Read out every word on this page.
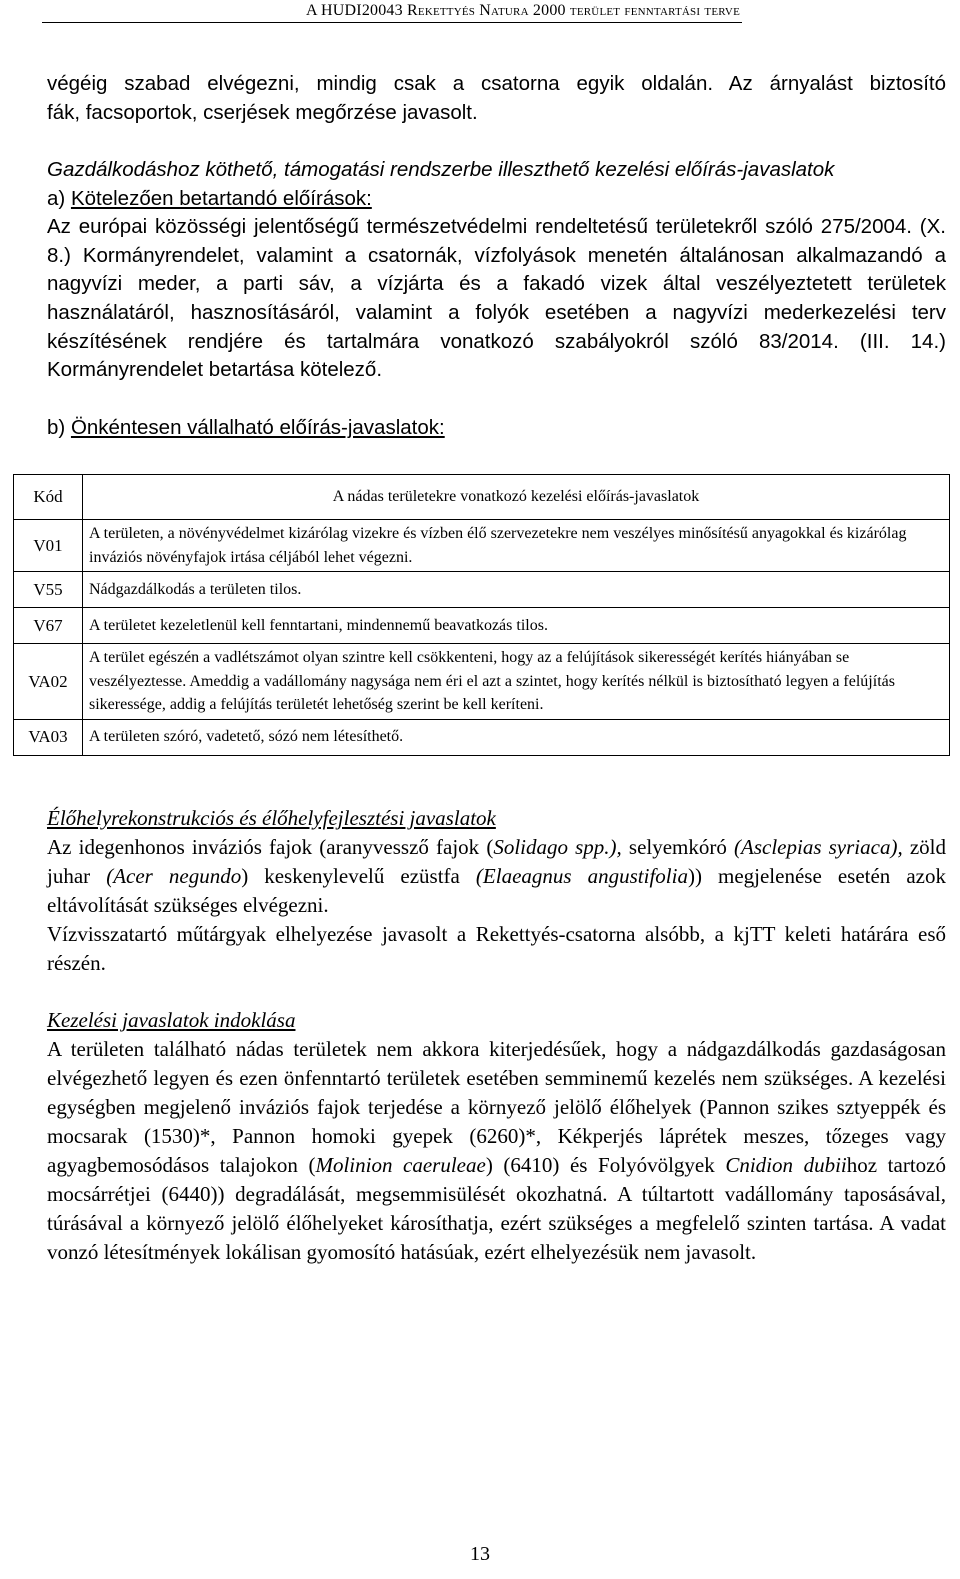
A HUDI20043 Rekettyés Natura 2000 terület fenntartási terve

végéig szabad elvégezni, mindig csak a csatorna egyik oldalán. Az árnyalást biztosító

fák, facsoportok, cserjések megőrzése javasolt.

Gazdálkodáshoz köthető, támogatási rendszerbe illeszthető kezelési előírás-javaslatok

a) Kötelezően betartandó előírások:

Az európai közösségi jelentőségű természetvédelmi rendeltetésű területekről szóló 275/2004. (X. 8.) Kormányrendelet, valamint a csatornák, vízfolyások menetén általánosan alkalmazandó a nagyvízi meder, a parti sáv, a vízjárta és a fakadó vizek által veszélyeztetett területek használatáról, hasznosításáról, valamint a folyók esetében a nagyvízi mederkezelési terv készítésének rendjére és tartalmára vonatkozó szabályokról szóló 83/2014. (III. 14.) Kormányrendelet betartása kötelező.

b) Önkéntesen vállalható előírás-javaslatok:

Kód	A nádas területekre vonatkozó kezelési előírás-javaslatok
V01	A területen, a növényvédelmet kizárólag vizekre és vízben élő szervezetekre nem veszélyes minősítésű anyagokkal és kizárólag inváziós növényfajok irtása céljából lehet végezni.
V55	Nádgazdálkodás a területen tilos.
V67	A területet kezeletlenül kell fenntartani, mindennemű beavatkozás tilos.
VA02	A terület egészén a vadlétszámot olyan szintre kell csökkenteni, hogy az a felújítások sikerességét kerítés hiányában se veszélyeztesse. Ameddig a vadállomány nagysága nem éri el azt a szintet, hogy kerítés nélkül is biztosítható legyen a felújítás sikeressége, addig a felújítás területét lehetőség szerint be kell keríteni.
VA03	A területen szóró, vadetető, sózó nem létesíthető.

Élőhelyrekonstrukciós és élőhelyfejlesztési javaslatok

Az idegenhonos inváziós fajok (aranyvessző fajok (Solidago spp.), selyemkóró (Asclepias syriaca), zöld juhar (Acer negundo) keskenylevelű ezüstfa (Elaeagnus angustifolia)) megjelenése esetén azok eltávolítását szükséges elvégezni.

Vízvisszatartó műtárgyak elhelyezése javasolt a Rekettyés-csatorna alsóbb, a kjTT keleti határára eső részén.

Kezelési javaslatok indoklása

A területen található nádas területek nem akkora kiterjedésűek, hogy a nádgazdálkodás gazdaságosan elvégezhető legyen és ezen önfenntartó területek esetében semminemű kezelés nem szükséges. A kezelési egységben megjelenő inváziós fajok terjedése a környező jelölő élőhelyek (Pannon szikes sztyeppék és mocsarak (1530)*, Pannon homoki gyepek (6260)*, Kékperjés láprétek meszes, tőzeges vagy agyagbemosódásos talajokon (Molinion caeruleae) (6410) és Folyóvölgyek Cnidion dubiihoz tartozó mocsárrétjei (6440)) degradálását, megsemmisülését okozhatná. A túltartott vadállomány taposásával, túrásával a környező jelölő élőhelyeket károsíthatja, ezért szükséges a megfelelő szinten tartása. A vadat vonzó létesítmények lokálisan gyomosító hatásúak, ezért elhelyezésük nem javasolt.

13
